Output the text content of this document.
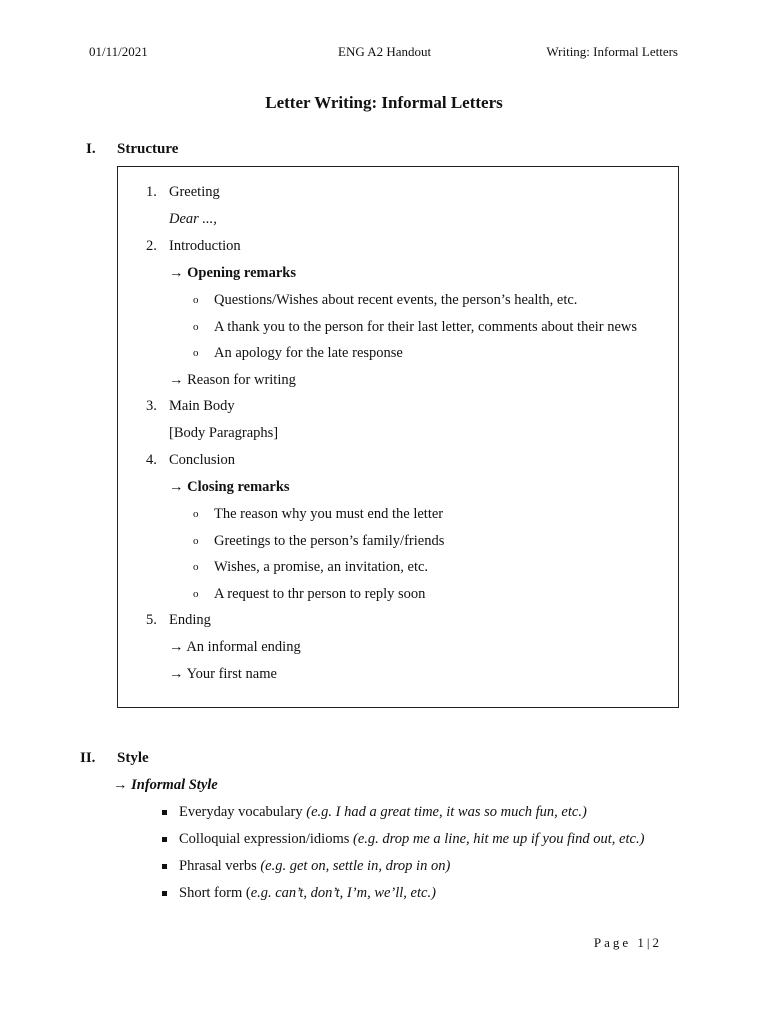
01/11/2021	ENG A2 Handout	Writing: Informal Letters
Letter Writing: Informal Letters
I. Structure
1. Greeting
Dear ...,
2. Introduction
→ Opening remarks
o Questions/Wishes about recent events, the person’s health, etc.
o A thank you to the person for their last letter, comments about their news
o An apology for the late response
→ Reason for writing
3. Main Body
[Body Paragraphs]
4. Conclusion
→ Closing remarks
o The reason why you must end the letter
o Greetings to the person’s family/friends
o Wishes, a promise, an invitation, etc.
o A request to thr person to reply soon
5. Ending
→ An informal ending
→ Your first name
II. Style
→ Informal Style
Everyday vocabulary (e.g. I had a great time, it was so much fun, etc.)
Colloquial expression/idioms (e.g. drop me a line, hit me up if you find out, etc.)
Phrasal verbs (e.g. get on, settle in, drop in on)
Short form (e.g. can’t, don’t, I’m, we’ll, etc.)
Page 1|2
